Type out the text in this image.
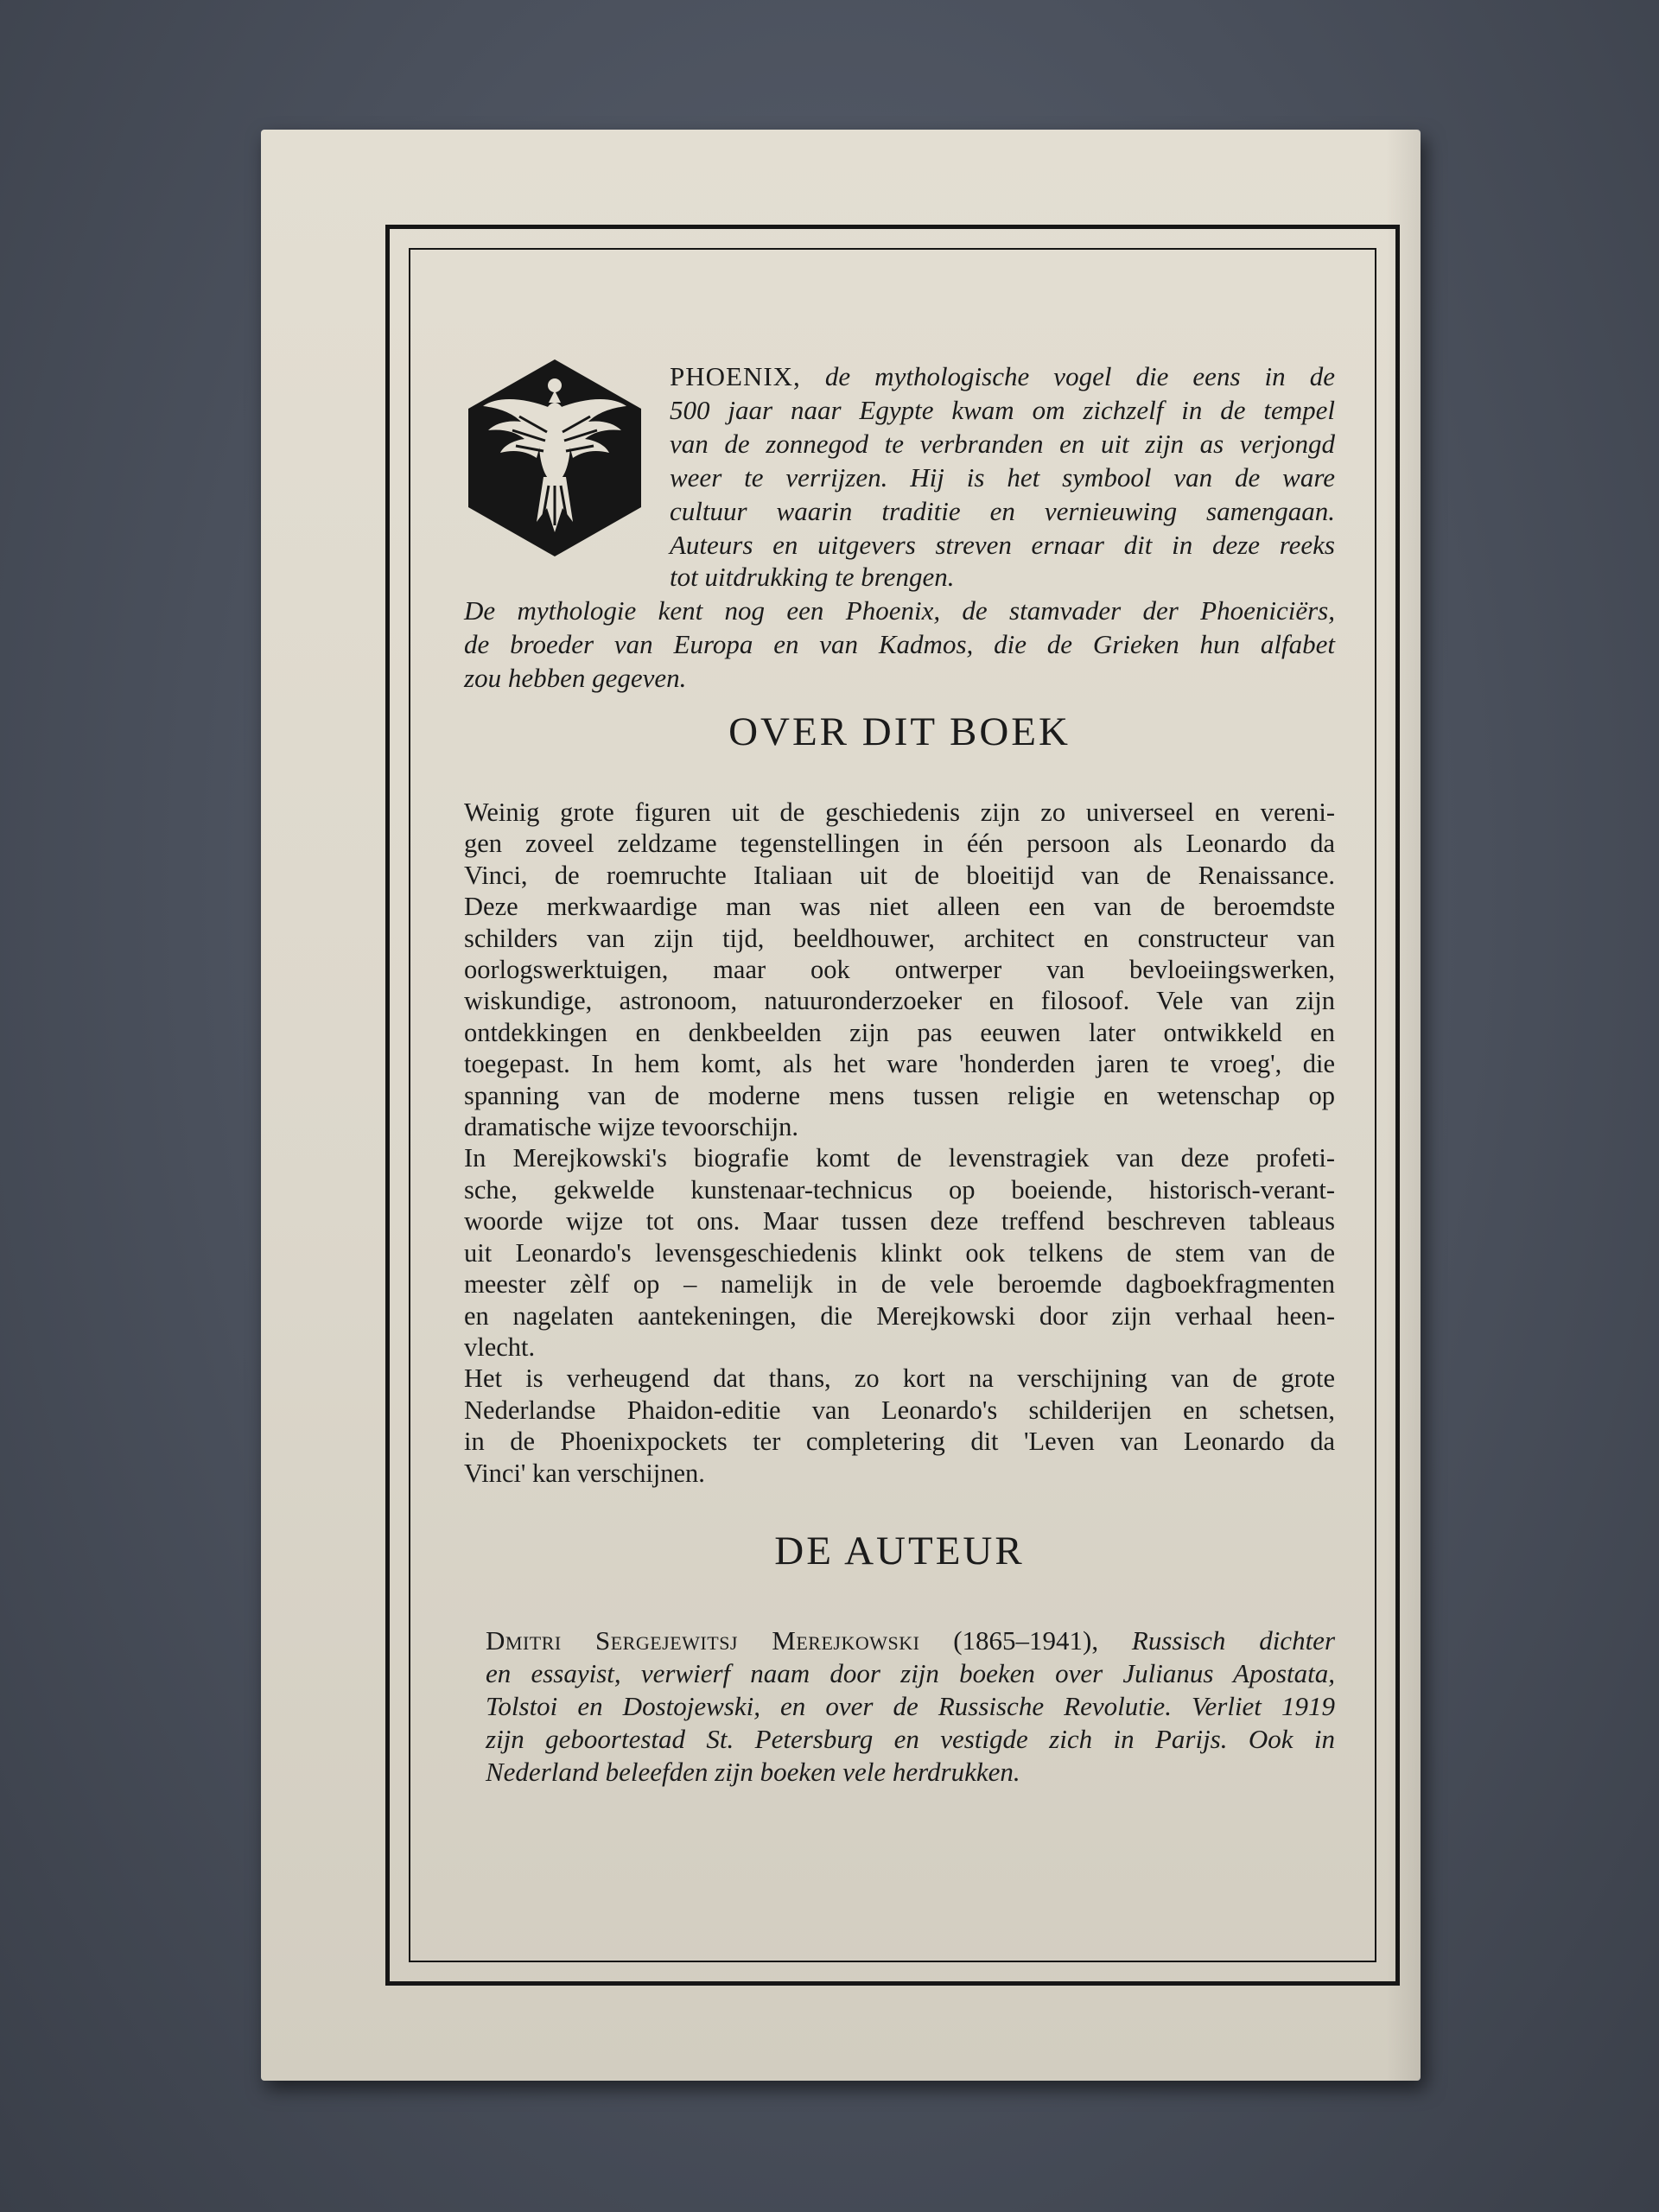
PHOENIX, de mythologische vogel die eens in de
500 jaar naar Egypte kwam om zichzelf in de tempel
van de zonnegod te verbranden en uit zijn as verjongd
weer te verrijzen. Hij is het symbool van de ware
cultuur waarin traditie en vernieuwing samengaan.
Auteurs en uitgevers streven ernaar dit in deze reeks
tot uitdrukking te brengen.
De mythologie kent nog een Phoenix, de stamvader der Phoeniciërs,
de broeder van Europa en van Kadmos, die de Grieken hun alfabet
zou hebben gegeven.
OVER DIT BOEK
Weinig grote figuren uit de geschiedenis zijn zo universeel en vereni-
gen zoveel zeldzame tegenstellingen in één persoon als Leonardo da
Vinci, de roemruchte Italiaan uit de bloeitijd van de Renaissance.
Deze merkwaardige man was niet alleen een van de beroemdste
schilders van zijn tijd, beeldhouwer, architect en constructeur van
oorlogswerktuigen, maar ook ontwerper van bevloeiingswerken,
wiskundige, astronoom, natuuronderzoeker en filosoof. Vele van zijn
ontdekkingen en denkbeelden zijn pas eeuwen later ontwikkeld en
toegepast. In hem komt, als het ware 'honderden jaren te vroeg', die
spanning van de moderne mens tussen religie en wetenschap op
dramatische wijze tevoorschijn.
In Merejkowski's biografie komt de levenstragiek van deze profeti-
sche, gekwelde kunstenaar-technicus op boeiende, historisch-verant-
woorde wijze tot ons. Maar tussen deze treffend beschreven tableaus
uit Leonardo's levensgeschiedenis klinkt ook telkens de stem van de
meester zèlf op – namelijk in de vele beroemde dagboekfragmenten
en nagelaten aantekeningen, die Merejkowski door zijn verhaal heen-
vlecht.
Het is verheugend dat thans, zo kort na verschijning van de grote
Nederlandse Phaidon-editie van Leonardo's schilderijen en schetsen,
in de Phoenixpockets ter completering dit 'Leven van Leonardo da
Vinci' kan verschijnen.
DE AUTEUR
Dmitri Sergejewitsj Merejkowski (1865–1941), Russisch dichter
en essayist, verwierf naam door zijn boeken over Julianus Apostata,
Tolstoi en Dostojewski, en over de Russische Revolutie. Verliet 1919
zijn geboortestad St. Petersburg en vestigde zich in Parijs. Ook in
Nederland beleefden zijn boeken vele herdrukken.
